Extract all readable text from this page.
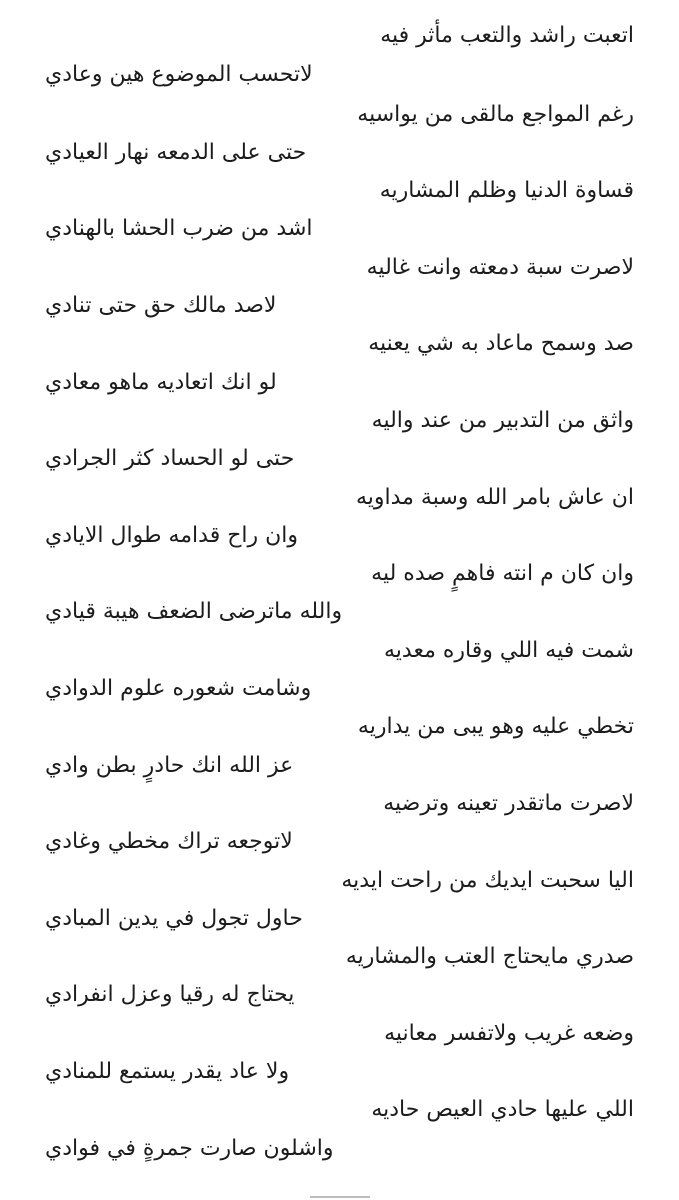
اتعبت راشد والتعب مأثر فيه

لاتحسب الموضوع هين وعادي

رغم المواجع مالقى من يواسيه

حتى على الدمعه نهار العيادي

قساوة الدنيا وظلم المشاريه

اشد من ضرب الحشا بالهنادي

لاصرت سبة دمعته وانت غاليه

لاصد مالك حق حتى تنادي

صد وسمح ماعاد به شي يعنيه

لو انك اتعاديه ماهو معادي

واثق من التدبير من عند واليه

حتى لو الحساد كثر الجرادي

ان عاش بامر الله وسبة مداويه

وان راح قدامه طوال الايادي

وان كان م انته فاهمٍ صده ليه

والله ماترضى الضعف هيبة قيادي

شمت فيه اللي وقاره معديه

وشامت شعوره علوم الدوادي

تخطي عليه وهو يبى من يداريه

عز الله انك حادرٍ بطن وادي

لاصرت ماتقدر تعينه وترضيه

لاتوجعه تراك مخطي وغادي

اليا سحبت ايديك من راحت ايديه

حاول تجول في يدين المبادي

صدري مايحتاج العتب والمشاريه

يحتاج له رقيا وعزل انفرادي

وضعه غريب ولاتفسر معانيه

ولا عاد يقدر يستمع للمنادي

اللي عليها حادي العيص حاديه

واشلون صارت جمرةٍ في فوادي
